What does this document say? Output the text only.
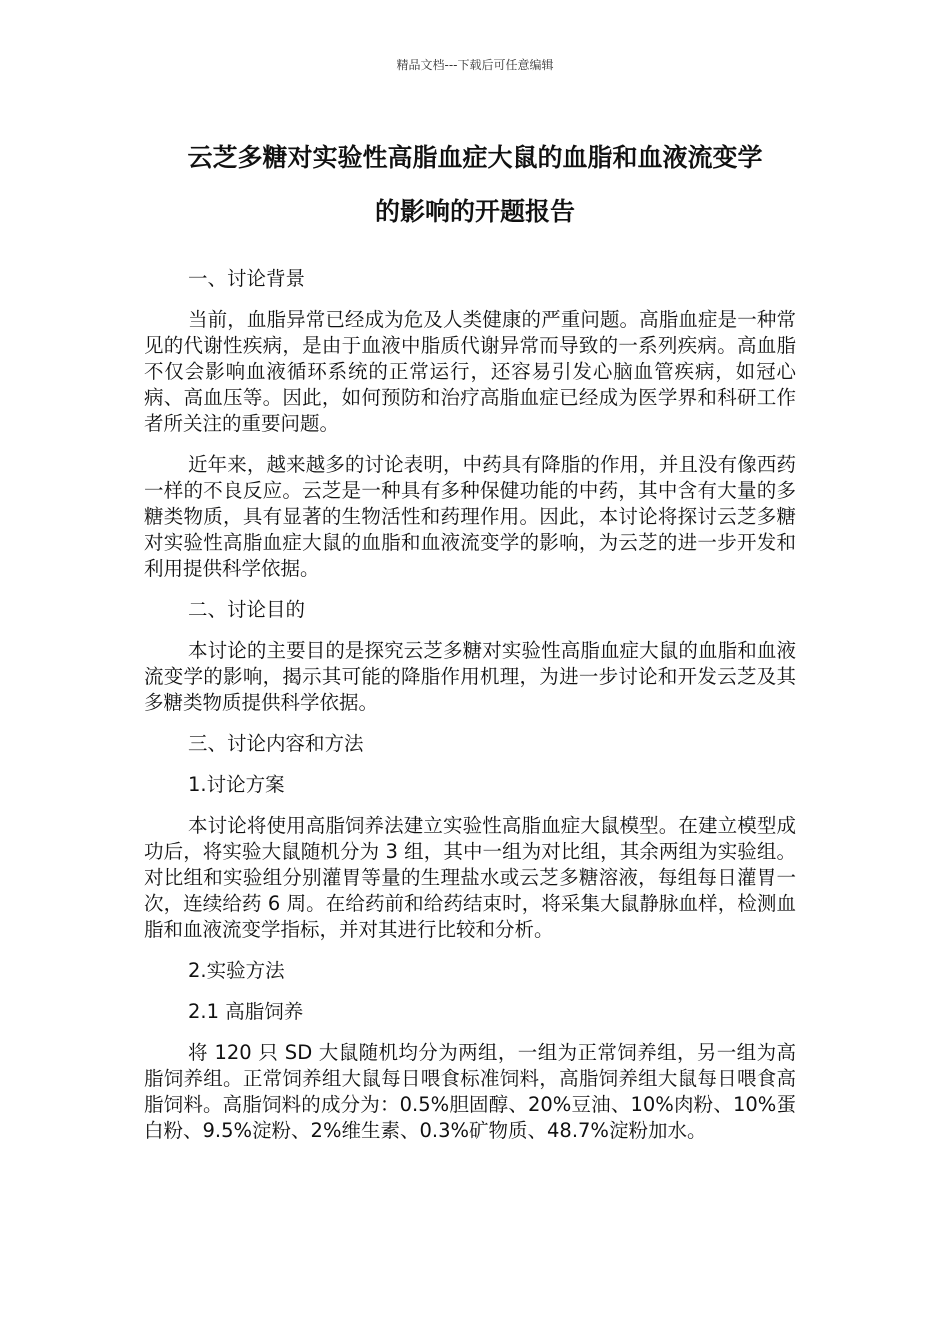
精品文档---下载后可任意编辑
云芝多糖对实验性高脂血症大鼠的血脂和血液流变学
的影响的开题报告

一、讨论背景

当前，血脂异常已经成为危及人类健康的严重问题。高脂血症是一种常见的代谢性疾病，是由于血液中脂质代谢异常而导致的一系列疾病。高血脂不仅会影响血液循环系统的正常运行，还容易引发心脑血管疾病，如冠心病、高血压等。因此，如何预防和治疗高脂血症已经成为医学界和科研工作者所关注的重要问题。

近年来，越来越多的讨论表明，中药具有降脂的作用，并且没有像西药一样的不良反应。云芝是一种具有多种保健功能的中药，其中含有大量的多糖类物质，具有显著的生物活性和药理作用。因此，本讨论将探讨云芝多糖对实验性高脂血症大鼠的血脂和血液流变学的影响，为云芝的进一步开发和利用提供科学依据。

二、讨论目的

本讨论的主要目的是探究云芝多糖对实验性高脂血症大鼠的血脂和血液流变学的影响，揭示其可能的降脂作用机理，为进一步讨论和开发云芝及其多糖类物质提供科学依据。

三、讨论内容和方法

1.讨论方案

本讨论将使用高脂饲养法建立实验性高脂血症大鼠模型。在建立模型成功后，将实验大鼠随机分为 3 组，其中一组为对比组，其余两组为实验组。对比组和实验组分别灌胃等量的生理盐水或云芝多糖溶液，每组每日灌胃一次，连续给药 6 周。在给药前和给药结束时，将采集大鼠静脉血样，检测血脂和血液流变学指标，并对其进行比较和分析。

2.实验方法

2.1 高脂饲养

将 120 只 SD 大鼠随机均分为两组，一组为正常饲养组，另一组为高脂饲养组。正常饲养组大鼠每日喂食标准饲料，高脂饲养组大鼠每日喂食高脂饲料。高脂饲料的成分为：0.5%胆固醇、20%豆油、10%肉粉、10%蛋白粉、9.5%淀粉、2%维生素、0.3%矿物质、48.7%淀粉加水。
